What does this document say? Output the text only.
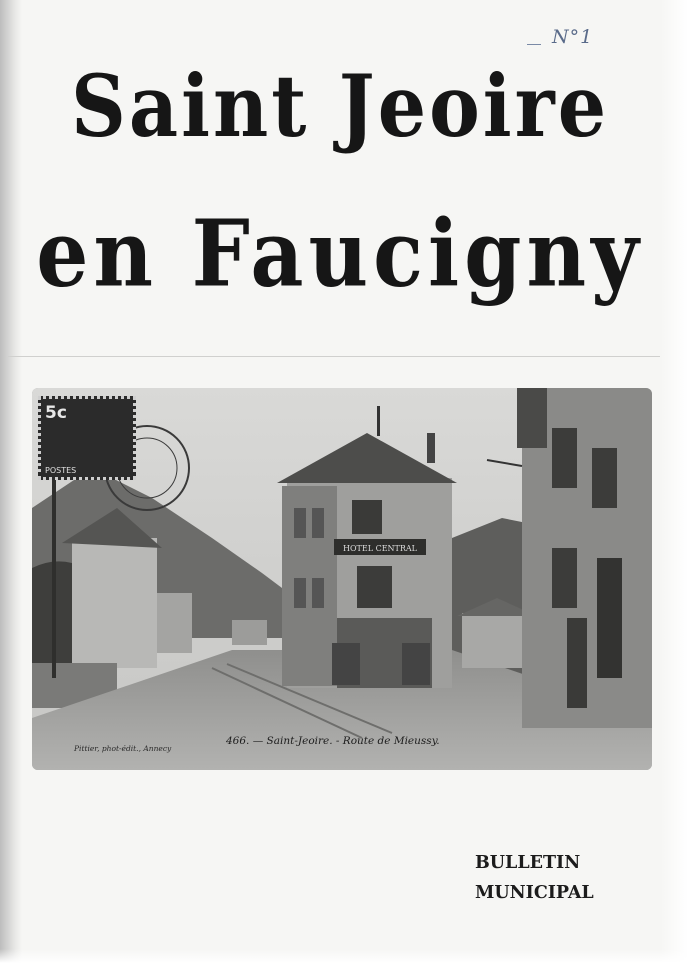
N°1
Saint Jeoire
en Faucigny
HOTEL CENTRAL
5c
POSTES
Pittier, phot-édit., Annecy
466. — Saint-Jeoire. - Route de Mieussy.
BULLETIN
MUNICIPAL
